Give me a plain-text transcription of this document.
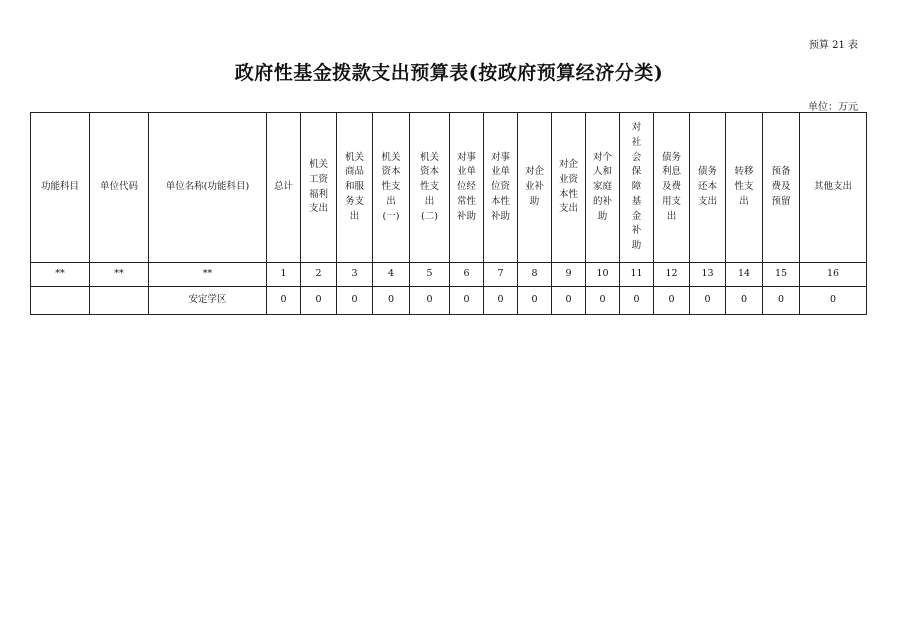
预算 21 表
政府性基金拨款支出预算表(按政府预算经济分类)
单位：万元
功能科目	单位代码	单位名称(功能科目)	总计	机关工资福利支出	机关商品和服务支出	机关资本性支出(一)	机关资本性支出(二)	对事业单位经常性补助	对事业单位资本性补助	对企业补助	对企业资本性支出	对个人和家庭的补助	对社会保障基金补助	债务利息及费用支出	债务还本支出	转移性支出	预备费及预留	其他支出
**	**	**	1	2	3	4	5	6	7	8	9	10	11	12	13	14	15	16
		安定学区	0	0	0	0	0	0	0	0	0	0	0	0	0	0	0	0
